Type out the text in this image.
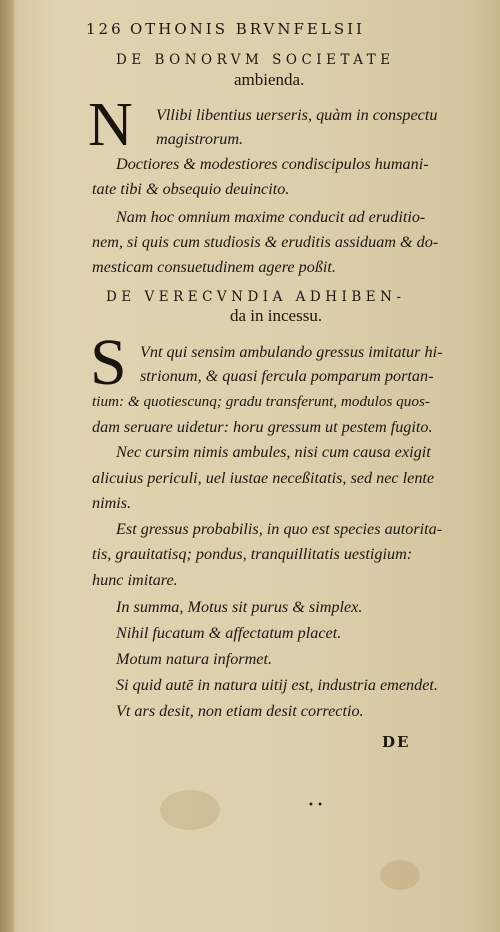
126 OTHONIS BRVNFELSII
DE BONORVM SOCIETATE
ambienda.
N Vllibi libentius uerseris, quàm in conspectu
magistrorum.
Doctiores & modestiores condiscipulos humani-
tate tibi & obsequio deuincito.
Nam hoc omnium maxime conducit ad eruditio-
nem, si quis cum studiosis & eruditis assiduam & do-
mesticam consuetudinem agere poßit.
DE VERECVNDIA ADHIBEN-
da in incessu.
S Vnt qui sensim ambulando gressus imitatur hi-
strionum, & quasi fercula pomparum portan-
tium: & quotiescunq; gradu transferunt, modulos quos-
dam seruare uidetur: horu gressum ut pestem fugito.
Nec cursim nimis ambules, nisi cum causa exigit
alicuius periculi, uel iustae neceßitatis, sed nec lente
nimis.
Est gressus probabilis, in quo est species autorita-
tis, grauitatisq; pondus, tranquillitatis uestigium:
hunc imitare.
In summa, Motus sit purus & simplex.
Nihil fucatum & affectatum placet.
Motum natura informet.
Si quid autē in natura uitij est, industria emendet.
Vt ars desit, non etiam desit correctio.
DE
• •
